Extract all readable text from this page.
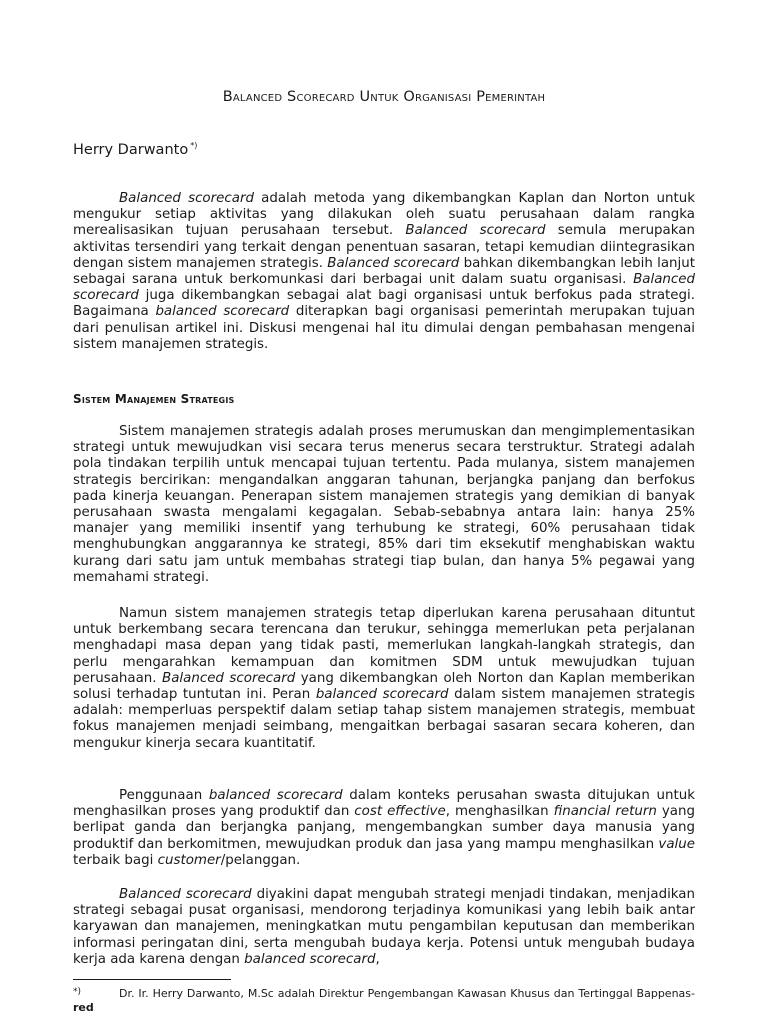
Balanced Scorecard Untuk Organisasi Pemerintah
Herry Darwanto *)

Balanced scorecard adalah metoda yang dikembangkan Kaplan dan Norton untuk mengukur setiap aktivitas yang dilakukan oleh suatu perusahaan dalam rangka merealisasikan tujuan perusahaan tersebut. Balanced scorecard semula merupakan aktivitas tersendiri yang terkait dengan penentuan sasaran, tetapi kemudian diintegrasikan dengan sistem manajemen strategis. Balanced scorecard bahkan dikembangkan lebih lanjut sebagai sarana untuk berkomunkasi dari berbagai unit dalam suatu organisasi. Balanced scorecard juga dikembangkan sebagai alat bagi organisasi untuk berfokus pada strategi. Bagaimana balanced scorecard diterapkan bagi organisasi pemerintah merupakan tujuan dari penulisan artikel ini. Diskusi mengenai hal itu dimulai dengan pembahasan mengenai sistem manajemen strategis.

Sistem Manajemen Strategis

Sistem manajemen strategis adalah proses merumuskan dan mengimplementasikan strategi untuk mewujudkan visi secara terus menerus secara terstruktur. Strategi adalah pola tindakan terpilih untuk mencapai tujuan tertentu. Pada mulanya, sistem manajemen strategis bercirikan: mengandalkan anggaran tahunan, berjangka panjang dan berfokus pada kinerja keuangan. Penerapan sistem manajemen strategis yang demikian di banyak perusahaan swasta mengalami kegagalan. Sebab-sebabnya antara lain: hanya 25% manajer yang memiliki insentif yang terhubung ke strategi, 60% perusahaan tidak menghubungkan anggarannya ke strategi, 85% dari tim eksekutif menghabiskan waktu kurang dari satu jam untuk membahas strategi tiap bulan, dan hanya 5% pegawai yang memahami strategi.

Namun sistem manajemen strategis tetap diperlukan karena perusahaan dituntut untuk berkembang secara terencana dan terukur, sehingga memerlukan peta perjalanan menghadapi masa depan yang tidak pasti, memerlukan langkah-langkah strategis, dan perlu mengarahkan kemampuan dan komitmen SDM untuk mewujudkan tujuan perusahaan. Balanced scorecard yang dikembangkan oleh Norton dan Kaplan memberikan solusi terhadap tuntutan ini. Peran balanced scorecard dalam sistem manajemen strategis adalah: memperluas perspektif dalam setiap tahap sistem manajemen strategis, membuat fokus manajemen menjadi seimbang, mengaitkan berbagai sasaran secara koheren, dan mengukur kinerja secara kuantitatif.

Penggunaan balanced scorecard dalam konteks perusahan swasta ditujukan untuk menghasilkan proses yang produktif dan cost effective, menghasilkan financial return yang berlipat ganda dan berjangka panjang, mengembangkan sumber daya manusia yang produktif dan berkomitmen, mewujudkan produk dan jasa yang mampu menghasilkan value terbaik bagi customer/pelanggan.

Balanced scorecard diyakini dapat mengubah strategi menjadi tindakan, menjadikan strategi sebagai pusat organisasi, mendorong terjadinya komunikasi yang lebih baik antar karyawan dan manajemen, meningkatkan mutu pengambilan keputusan dan memberikan informasi peringatan dini, serta mengubah budaya kerja. Potensi untuk mengubah budaya kerja ada karena dengan balanced scorecard,

*)	Dr. Ir. Herry Darwanto, M.Sc adalah Direktur Pengembangan Kawasan Khusus dan Tertinggal Bappenas-red
